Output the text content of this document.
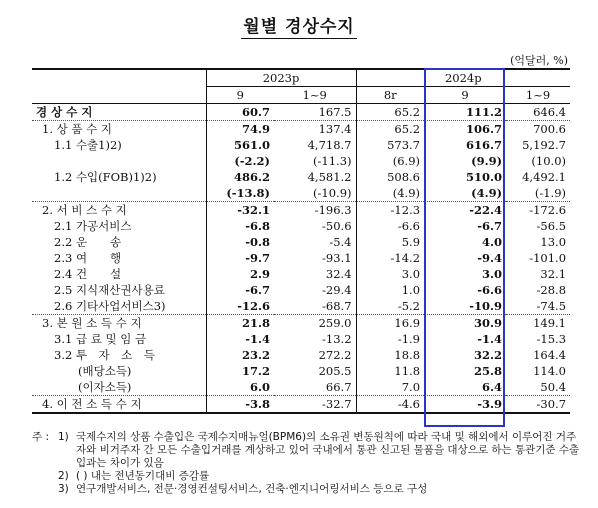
월별 경상수지
(억달러, %)
	2023p		2024p		
	9	1~9	8r	9	1~9
경 상 수 지	60.7	167.5	65.2	111.2	646.4
1. 상 품 수 지	74.9	137.4	65.2	106.7	700.6
1.1 수출1)2)	561.0	4,718.7	573.7	616.7	5,192.7
	(-2.2)	(-11.3)	(6.9)	(9.9)	(10.0)
1.2 수입(FOB)1)2)	486.2	4,581.2	508.6	510.0	4,492.1
	(-13.8)	(-10.9)	(4.9)	(4.9)	(-1.9)
2. 서 비 스 수 지	-32.1	-196.3	-12.3	-22.4	-172.6
2.1 가공서비스	-6.8	-50.6	-6.6	-6.7	-56.5
2.2 운　　송	-0.8	-5.4	5.9	4.0	13.0
2.3 여　　행	-9.7	-93.1	-14.2	-9.4	-101.0
2.4 건　　설	2.9	32.4	3.0	3.0	32.1
2.5 지식재산권사용료	-6.7	-29.4	1.0	-6.6	-28.8
2.6 기타사업서비스3)	-12.6	-68.7	-5.2	-10.9	-74.5
3. 본 원 소 득 수 지	21.8	259.0	16.9	30.9	149.1
3.1 급 료 및 임 금	-1.4	-13.2	-1.9	-1.4	-15.3
3.2 투　자　소　득	23.2	272.2	18.8	32.2	164.4
(배당소득)	17.2	205.5	11.8	25.8	114.0
(이자소득)	6.0	66.7	7.0	6.4	50.4
4. 이 전 소 득 수 지	-3.8	-32.7	-4.6	-3.9	-30.7
주 : 1) 국제수지의 상품 수출입은 국제수지매뉴얼(BPM6)의 소유권 변동원칙에 따라 국내 및 해외에서 이루어진 거주자와 비거주자 간 모든 수출입거래를 계상하고 있어 국내에서 통관 신고된 물품을 대상으로 하는 통관기준 수출입과는 차이가 있음
2) ( ) 내는 전년동기대비 증감률
3) 연구개발서비스, 전문·경영컨설팅서비스, 건축·엔지니어링서비스 등으로 구성
